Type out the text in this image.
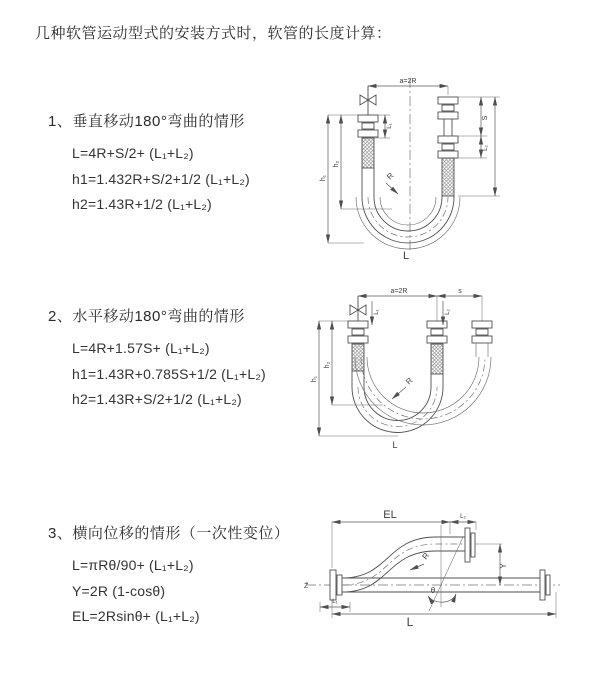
几种软管运动型式的安装方式时，软管的长度计算：
1、垂直移动180°弯曲的情形
L=4R+S/2+ (L₁+L₂)
h1=1.432R+S/2+1/2 (L₁+L₂)
h2=1.43R+1/2 (L₁+L₂)
2、水平移动180°弯曲的情形
L=4R+1.57S+ (L₁+L₂)
h1=1.43R+0.785S+1/2 (L₁+L₂)
h2=1.43R+S/2+1/2 (L₁+L₂)
3、横向位移的情形（一次性变位）
L=πRθ/90+ (L₁+L₂)
Y=2R (1-cosθ)
EL=2Rsinθ+ (L₁+L₂)
a=2R
R
h₁
h₂
L₁
S
L₂
L
a=2R	s
R
h₁
h₂
L₁	L₂
L
EL	L₂
Y
R
θ
L₁
L
Z̄
